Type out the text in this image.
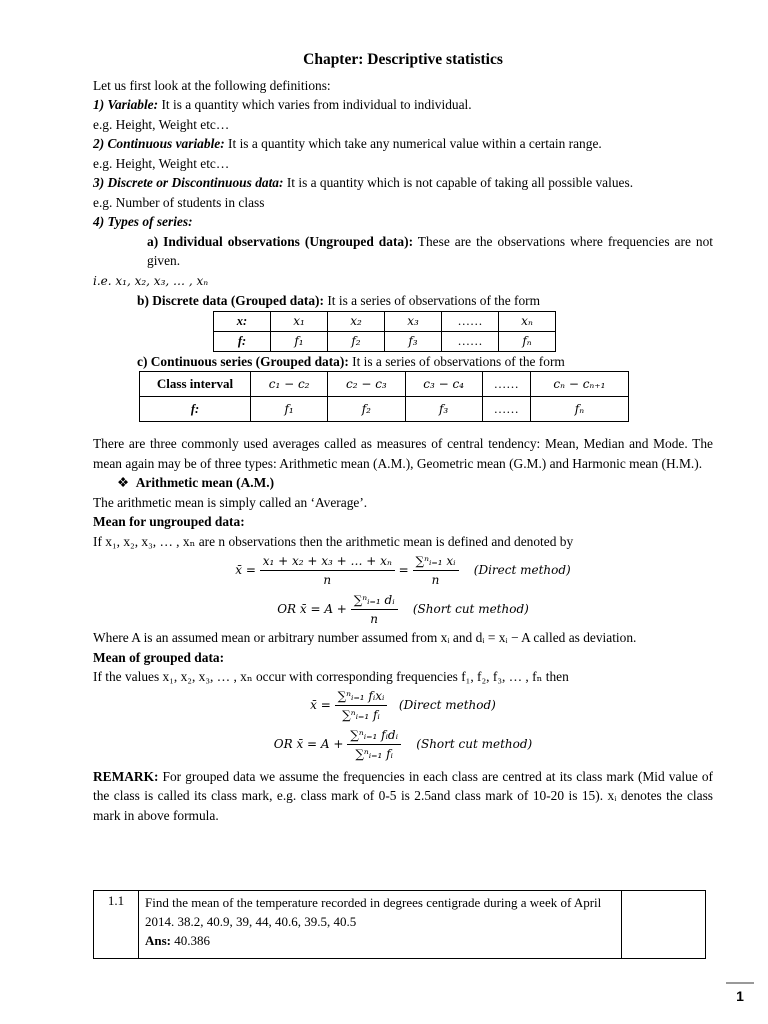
Chapter: Descriptive statistics

Let us first look at the following definitions:

1) Variable: It is a quantity which varies from individual to individual.

e.g. Height, Weight etc…

2) Continuous variable: It is a quantity which take any numerical value within a certain range.

e.g. Height, Weight etc…

3) Discrete or Discontinuous data: It is a quantity which is not capable of taking all possible values.

e.g. Number of students in class

4) Types of series:

a) Individual observations (Ungrouped data): These are the observations where frequencies are not given.

i.e. x₁, x₂, x₃, … , xₙ

b) Discrete data (Grouped data): It is a series of observations of the form

x:	x₁	x₂	x₃	……	xₙ
f:	f₁	f₂	f₃	……	fₙ

c) Continuous series (Grouped data): It is a series of observations of the form

Class interval	c₁ − c₂	c₂ − c₃	c₃ − c₄	……	cₙ − cₙ₊₁
f:	f₁	f₂	f₃	……	fₙ

There are three commonly used averages called as measures of central tendency: Mean, Median and Mode. The mean again may be of three types: Arithmetic mean (A.M.), Geometric mean (G.M.) and Harmonic mean (H.M.).

❖ Arithmetic mean (A.M.)

The arithmetic mean is simply called an ‘Average’.

Mean for ungrouped data:

If x₁, x₂, x₃, … , xₙ are n observations then the arithmetic mean is defined and denoted by

x̄ = $\frac{\text{x₁ + x₂ + x₃ + … + xₙ}}{n} = \frac{\text{∑ⁿᵢ₌₁ xᵢ}}{n}$ (Direct method)
OR x̄ = $A + \frac{\text{∑ⁿᵢ₌₁ dᵢ}}{n}$ (Short cut method)

Where A is an assumed mean or arbitrary number assumed from xᵢ and dᵢ = xᵢ − A called as deviation.

Mean of grouped data:

If the values x₁, x₂, x₃, … , xₙ occur with corresponding frequencies f₁, f₂, f₃, … , fₙ then

x̄ = $\frac{\text{∑ⁿᵢ₌₁ fᵢxᵢ}}{\text{∑ⁿᵢ₌₁ fᵢ}}$ (Direct method)
OR x̄ = $A + \frac{\text{∑ⁿᵢ₌₁ fᵢdᵢ}}{\text{∑ⁿᵢ₌₁ fᵢ}}$ (Short cut method)

REMARK: For grouped data we assume the frequencies in each class are centred at its class mark (Mid value of the class is called its class mark, e.g. class mark of 0-5 is 2.5and class mark of 10-20 is 15). xᵢ denotes the class mark in above formula.

1.1	Find the mean of the temperature recorded in degrees centigrade during a week of April 2014. 38.2, 40.9, 39, 44, 40.6, 39.5, 40.5
Ans: 40.386

1
